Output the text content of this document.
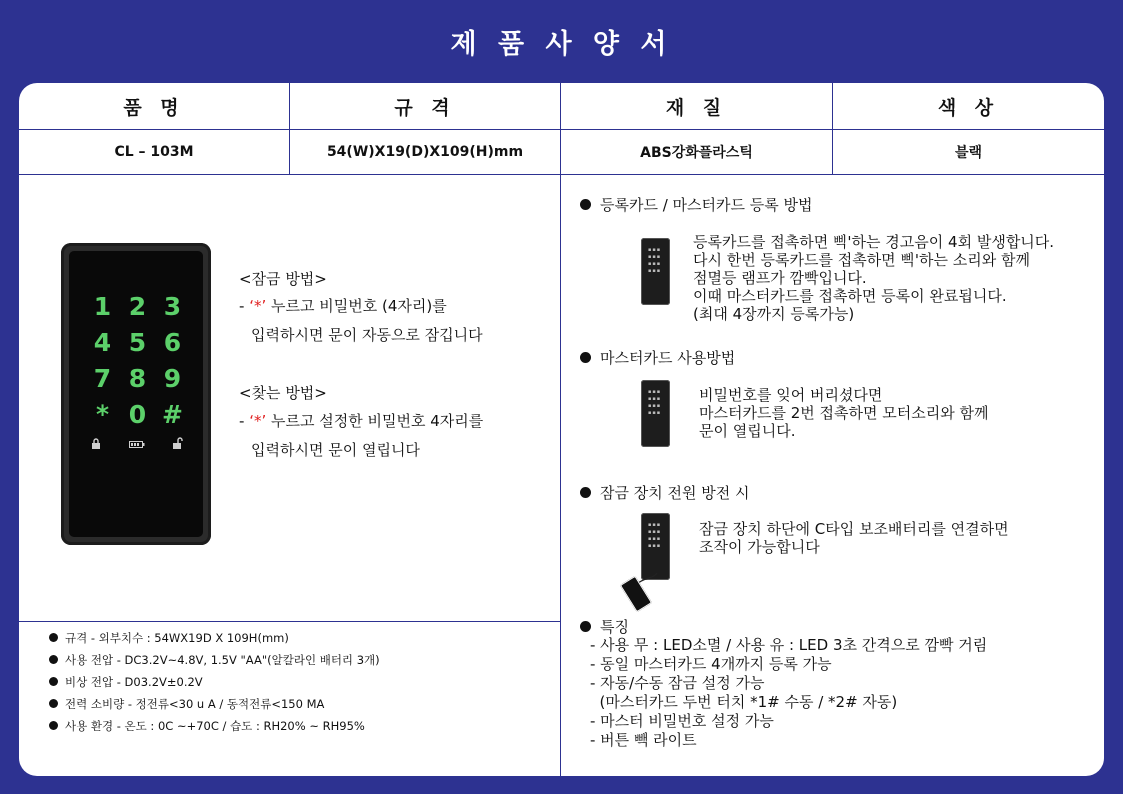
제 품 사 양 서
품 명	규 격	재 질	색 상
CL – 103M	54(W)X19(D)X109(H)mm	ABS강화플라스틱	블랙
1 2 3
4 5 6
7 8 9
* 0 #
<잠금 방법>
- ‘*’ 누르고 비밀번호 (4자리)를
입력하시면 문이 자동으로 잠깁니다
<찾는 방법>
- ‘*’ 누르고 설정한 비밀번호 4자리를
입력하시면 문이 열립니다
규격 - 외부치수 : 54WX19D X 109H(mm)
사용 전압 - DC3.2V~4.8V, 1.5V "AA"(알칼라인 배터리 3개)
비상 전압 - D03.2V±0.2V
전력 소비량 - 정전류<30 u A / 동적전류<150 MA
사용 환경 - 온도 : 0C ~+70C / 습도 : RH20% ~ RH95%
등록카드 / 마스터카드 등록 방법
▪▪▪
▪▪▪
▪▪▪
▪▪▪
등록카드를 접촉하면 삑'하는 경고음이 4회 발생합니다.
다시 한번 등록카드를 접촉하면 삑'하는 소리와 함께
점멸등 램프가 깜빡입니다.
이때 마스터카드를 접촉하면 등록이 완료됩니다.
(최대 4장까지 등록가능)
마스터카드 사용방법
▪▪▪
▪▪▪
▪▪▪
▪▪▪
비밀번호를 잊어 버리셨다면
마스터카드를 2번 접촉하면 모터소리와 함께
문이 열립니다.
잠금 장치 전원 방전 시
▪▪▪
▪▪▪
▪▪▪
▪▪▪
잠금 장치 하단에 C타입 보조배터리를 연결하면
조작이 가능합니다
특징
- 사용 무 : LED소멸 / 사용 유 : LED 3초 간격으로 깜빡 거림
- 동일 마스터카드 4개까지 등록 가능
- 자동/수동 잠금 설정 가능
(마스터카드 두번 터치 *1# 수동 / *2# 자동)
- 마스터 비밀번호 설정 가능
- 버튼 빽 라이트
